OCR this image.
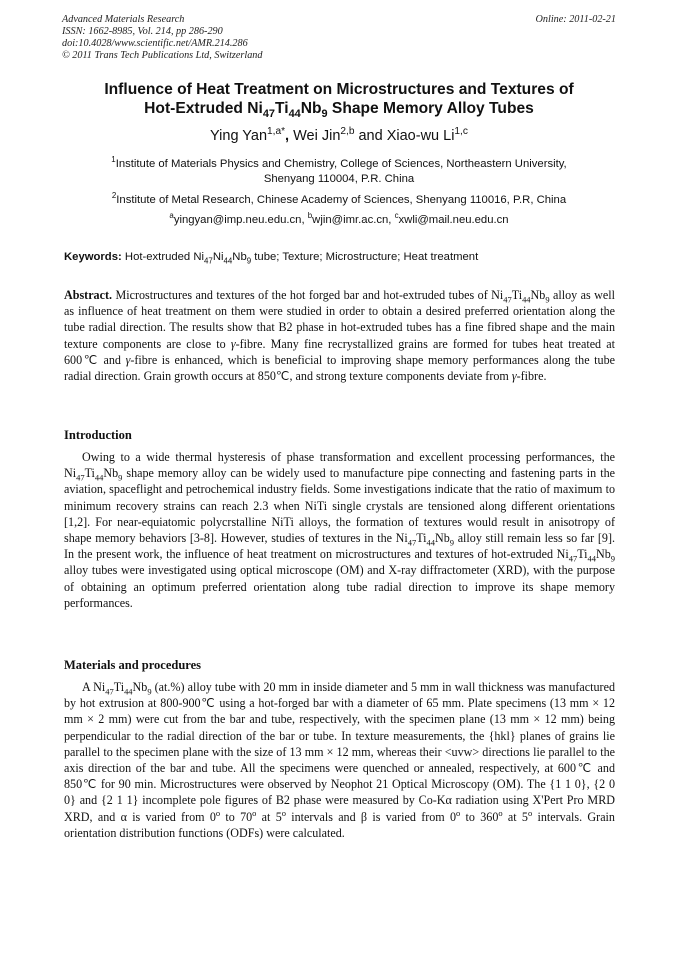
Advanced Materials Research
ISSN: 1662-8985, Vol. 214, pp 286-290
doi:10.4028/www.scientific.net/AMR.214.286
© 2011 Trans Tech Publications Ltd, Switzerland
Online: 2011-02-21
Influence of Heat Treatment on Microstructures and Textures of
Hot-Extruded $Ni_{47}Ti_{44}Nb_9$ Shape Memory Alloy Tubes
Ying Yan$^{1,a*}$, Wei Jin$^{2,b}$ and Xiao-wu Li$^{1,c}$
$^1$Institute of Materials Physics and Chemistry, College of Sciences, Northeastern University,
Shenyang 110004, P.R. China
$^2$Institute of Metal Research, Chinese Academy of Sciences, Shenyang 110016, P.R, China
$^a$yingyan@imp.neu.edu.cn, $^b$wjin@imr.ac.cn, $^c$xwli@mail.neu.edu.cn
Keywords: Hot-extruded $Ni_{47}Ni_{44}Nb_9$ tube; Texture; Microstructure; Heat treatment

Abstract. Microstructures and textures of the hot forged bar and hot-extruded tubes of $Ni_{47}Ti_{44}Nb_9$ alloy as well as influence of heat treatment on them were studied in order to obtain a desired preferred orientation along the tube radial direction. The results show that B2 phase in hot-extruded tubes has a fine fibred shape and the main texture components are close to γ-fibre. Many fine recrystallized grains are formed for tubes heat treated at 600℃ and γ-fibre is enhanced, which is beneficial to improving shape memory performances along the tube radial direction. Grain growth occurs at 850℃, and strong texture components deviate from γ-fibre.

Introduction

Owing to a wide thermal hysteresis of phase transformation and excellent processing performances, the $Ni_{47}Ti_{44}Nb_9$ shape memory alloy can be widely used to manufacture pipe connecting and fastening parts in the aviation, spaceflight and petrochemical industry fields. Some investigations indicate that the ratio of maximum to minimum recovery strains can reach 2.3 when NiTi single crystals are tensioned along different orientations [1,2]. For near-equiatomic polycrstalline NiTi alloys, the formation of textures would result in anisotropy of shape memory behaviors [3-8]. However, studies of textures in the $Ni_{47}Ti_{44}Nb_9$ alloy still remain less so far [9]. In the present work, the influence of heat treatment on microstructures and textures of hot-extruded $Ni_{47}Ti_{44}Nb_9$ alloy tubes were investigated using optical microscope (OM) and X-ray diffractometer (XRD), with the purpose of obtaining an optimum preferred orientation along tube radial direction to improve its shape memory performances.

Materials and procedures

A $Ni_{47}Ti_{44}Nb_9$ (at.%) alloy tube with 20 mm in inside diameter and 5 mm in wall thickness was manufactured by hot extrusion at 800-900℃ using a hot-forged bar with a diameter of 65 mm. Plate specimens (13 mm × 12 mm × 2 mm) were cut from the bar and tube, respectively, with the specimen plane (13 mm × 12 mm) being perpendicular to the radial direction of the bar or tube. In texture measurements, the {hkl} planes of grains lie parallel to the specimen plane with the size of 13 mm × 12 mm, whereas their <uvw> directions lie parallel to the axis direction of the bar and tube. All the specimens were quenched or annealed, respectively, at 600℃ and 850℃ for 90 min. Microstructures were observed by Neophot 21 Optical Microscopy (OM). The {1 1 0}, {2 0 0} and {2 1 1} incomplete pole figures of B2 phase were measured by Co-Kα radiation using X'Pert Pro MRD XRD, and α is varied from 0$^o$ to 70$^o$ at 5$^o$ intervals and β is varied from 0$^o$ to 360$^o$ at 5$^o$ intervals. Grain orientation distribution functions (ODFs) were calculated.
